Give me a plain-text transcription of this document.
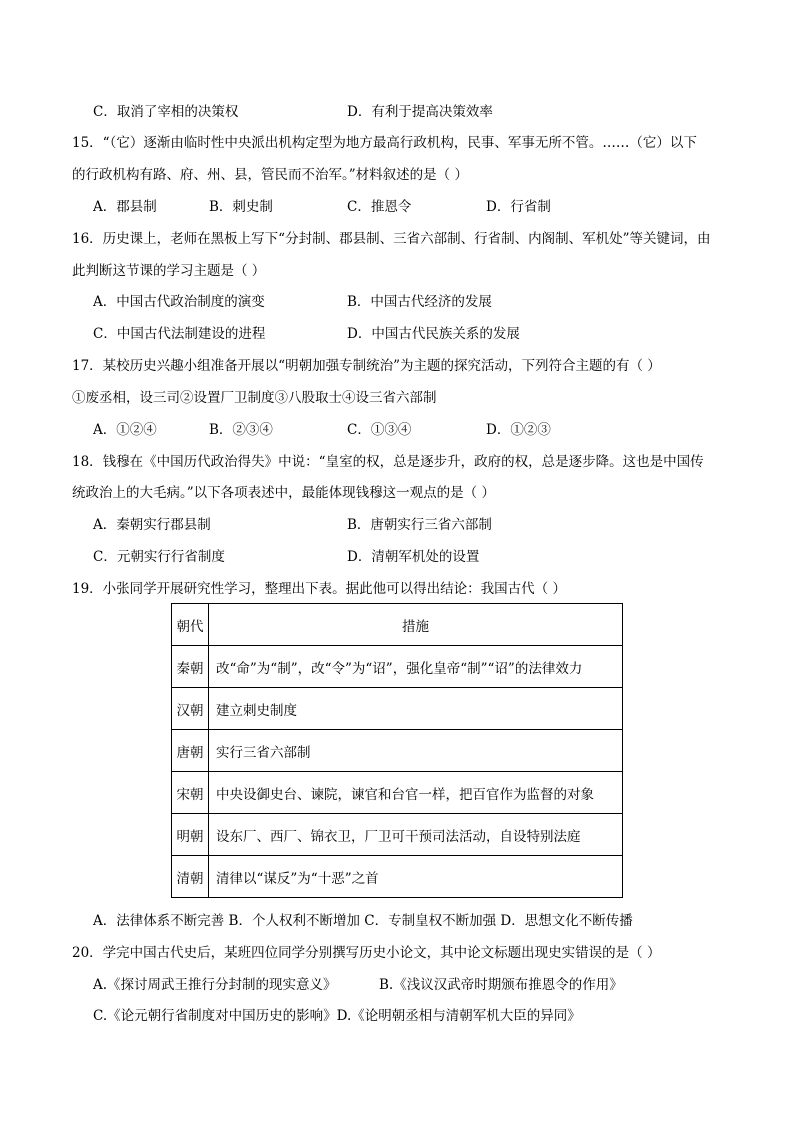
C．取消了宰相的决策权	D．有利于提高决策效率
15．“（它）逐渐由临时性中央派出机构定型为地方最高行政机构，民事、军事无所不管。……（它）以下
的行政机构有路、府、州、县，管民而不治军。”材料叙述的是（ ）
A．郡县制	B．刺史制	C．推恩令	D．行省制
16．历史课上，老师在黑板上写下“分封制、郡县制、三省六部制、行省制、内阁制、军机处”等关键词，由
此判断这节课的学习主题是（ ）
A．中国古代政治制度的演变	B．中国古代经济的发展
C．中国古代法制建设的进程	D．中国古代民族关系的发展
17．某校历史兴趣小组准备开展以“明朝加强专制统治”为主题的探究活动，下列符合主题的有（ ）
①废丞相，设三司②设置厂卫制度③八股取士④设三省六部制
A．①②④	B．②③④	C．①③④	D．①②③
18．钱穆在《中国历代政治得失》中说：“皇室的权，总是逐步升，政府的权，总是逐步降。这也是中国传
统政治上的大毛病。”以下各项表述中，最能体现钱穆这一观点的是（ ）
A．秦朝实行郡县制	B．唐朝实行三省六部制
C．元朝实行行省制度	D．清朝军机处的设置
19．小张同学开展研究性学习，整理出下表。据此他可以得出结论：我国古代（ ）
朝代	措施
秦朝	改“命”为“制”，改“令”为“诏”，强化皇帝“制”“诏”的法律效力
汉朝	建立刺史制度
唐朝	实行三省六部制
宋朝	中央设御史台、谏院，谏官和台官一样，把百官作为监督的对象
明朝	设东厂、西厂、锦衣卫，厂卫可干预司法活动，自设特别法庭
清朝	清律以“谋反”为“十恶”之首
A．法律体系不断完善 B．个人权利不断增加 C．专制皇权不断加强 D．思想文化不断传播
20．学完中国古代史后，某班四位同学分别撰写历史小论文，其中论文标题出现史实错误的是（ ）
A.《探讨周武王推行分封制的现实意义》	B.《浅议汉武帝时期颁布推恩令的作用》
C.《论元朝行省制度对中国历史的影响》D.《论明朝丞相与清朝军机大臣的异同》
